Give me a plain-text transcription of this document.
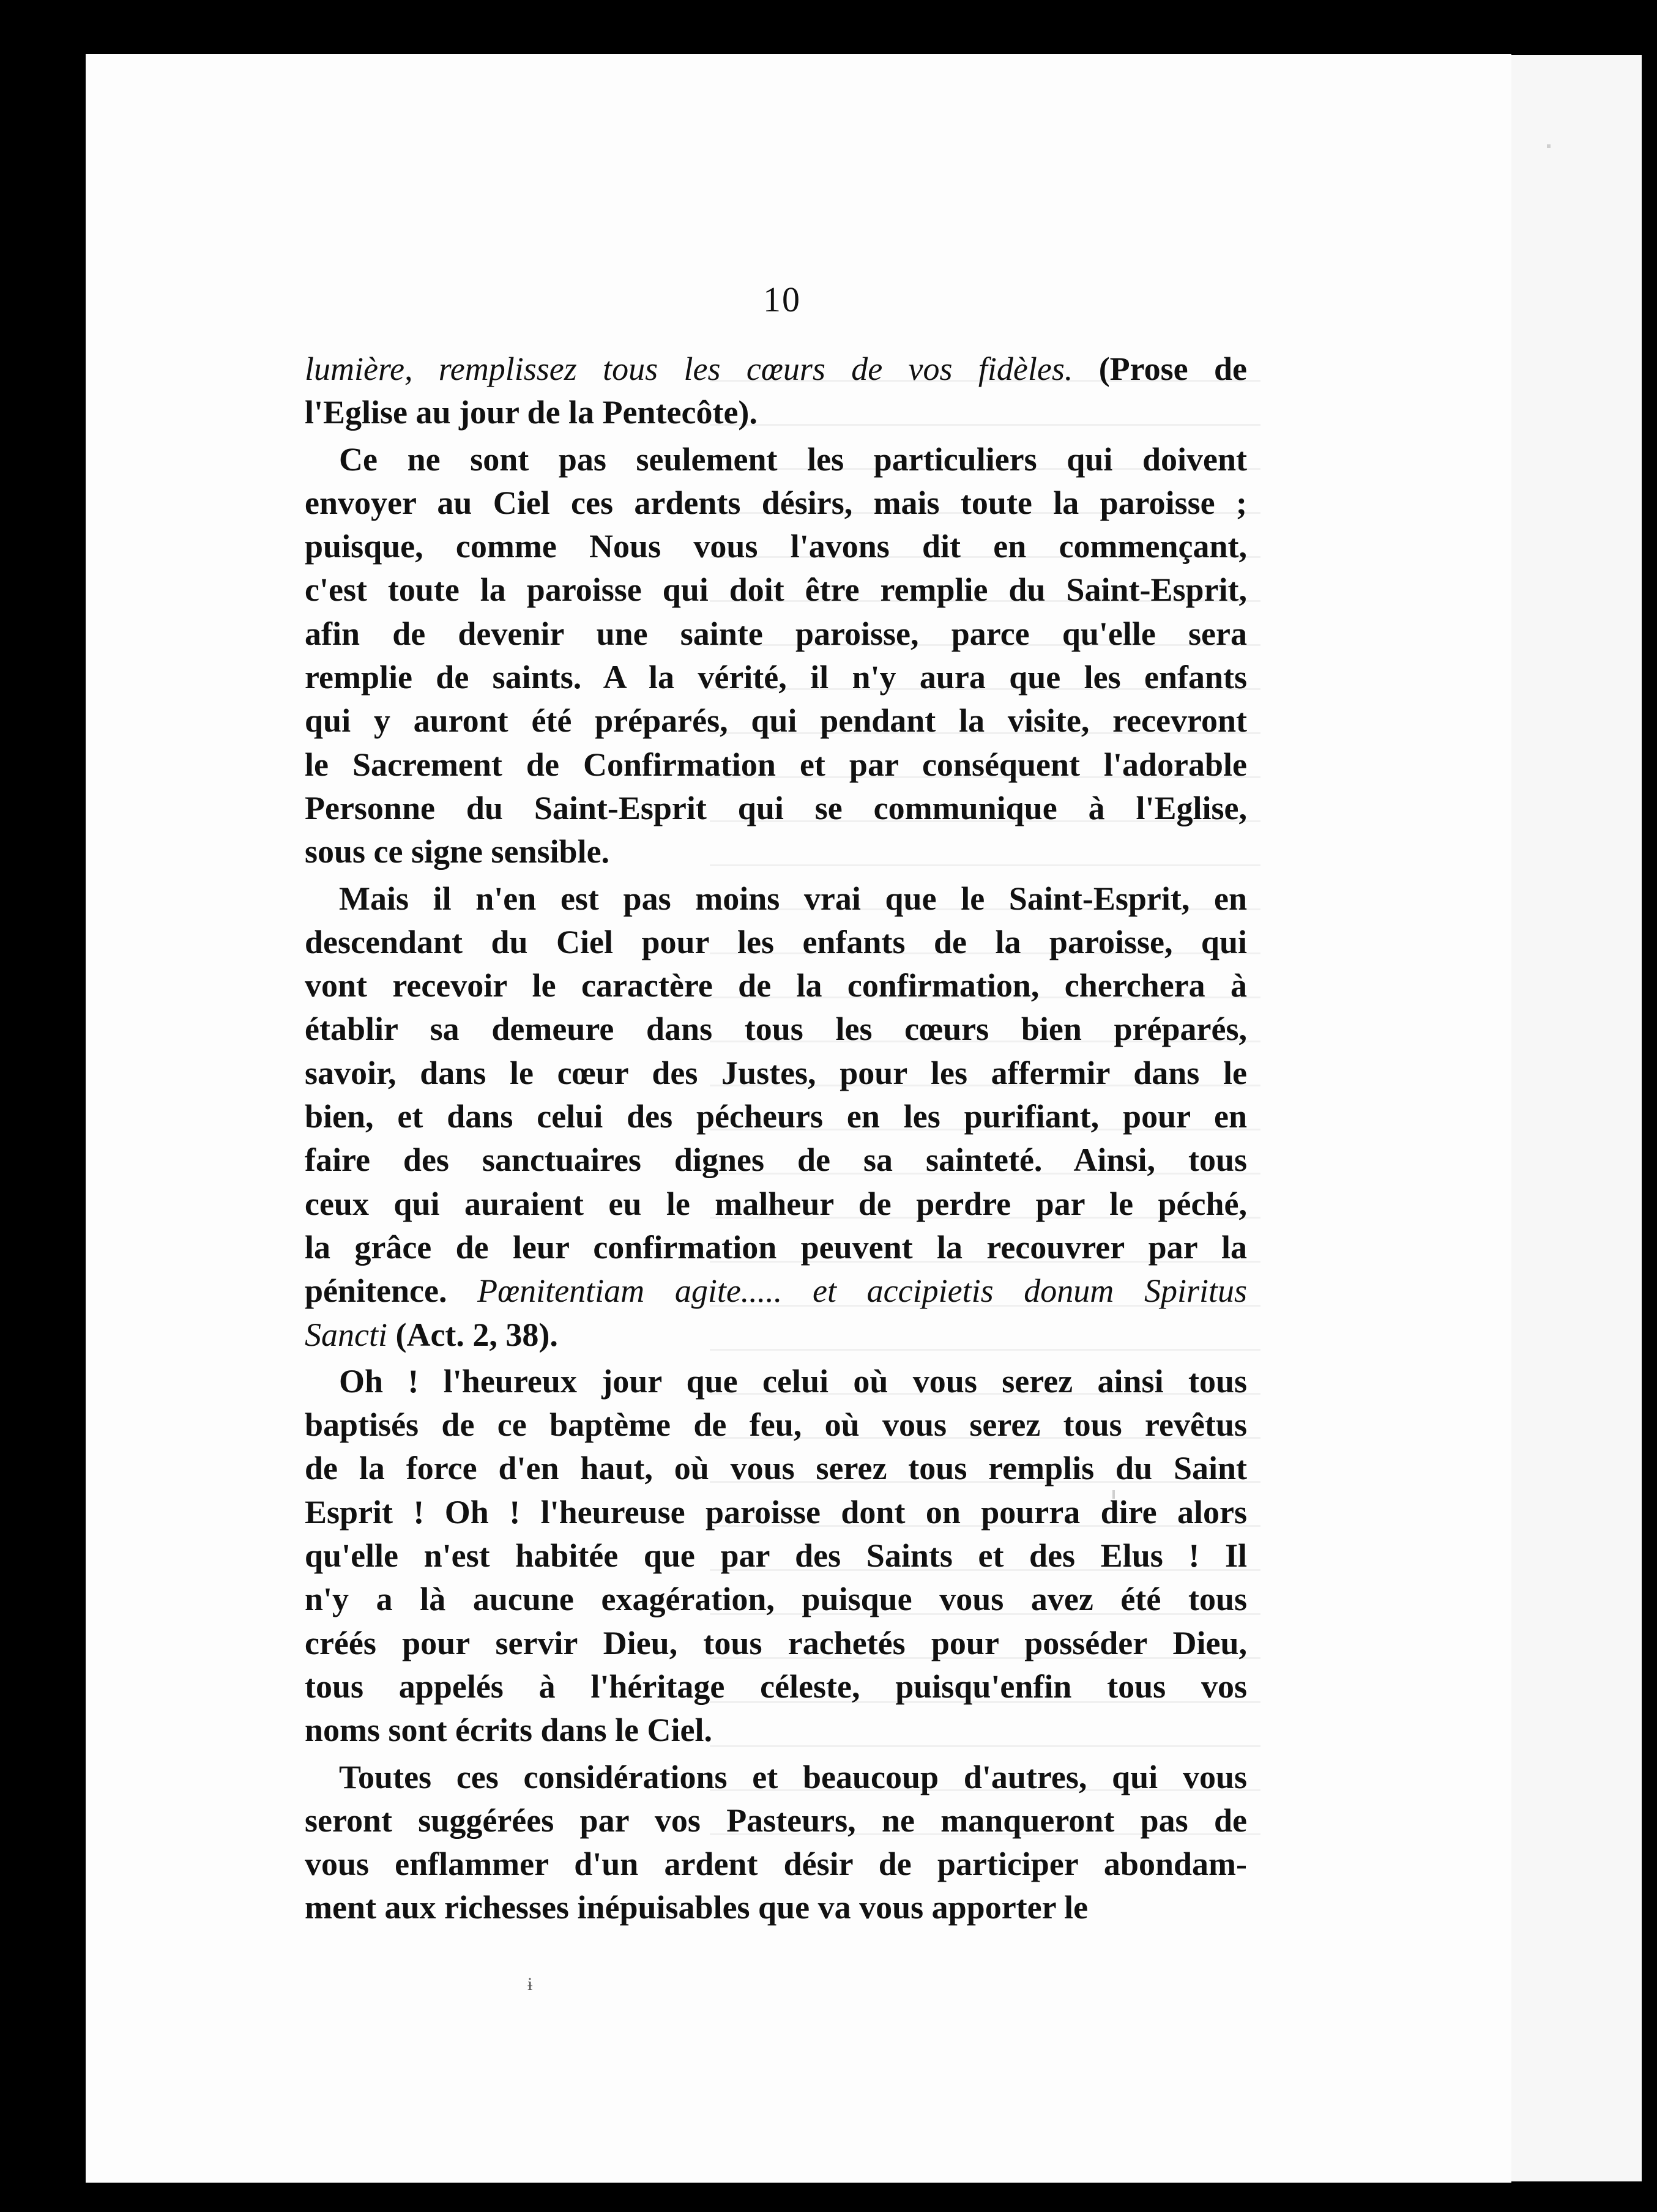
10
lumière, remplissez tous les cœurs de vos fidèles. (Prose de
l'Eglise au jour de la Pentecôte).
Ce ne sont pas seulement les particuliers qui doivent
envoyer au Ciel ces ardents désirs, mais toute la paroisse ;
puisque, comme Nous vous l'avons dit en commençant,
c'est toute la paroisse qui doit être remplie du Saint-Esprit,
afin de devenir une sainte paroisse, parce qu'elle sera
remplie de saints. A la vérité, il n'y aura que les enfants
qui y auront été préparés, qui pendant la visite, recevront
le Sacrement de Confirmation et par conséquent l'adorable
Personne du Saint-Esprit qui se communique à l'Eglise,
sous ce signe sensible.
Mais il n'en est pas moins vrai que le Saint-Esprit, en
descendant du Ciel pour les enfants de la paroisse, qui
vont recevoir le caractère de la confirmation, cherchera à
établir sa demeure dans tous les cœurs bien préparés,
savoir, dans le cœur des Justes, pour les affermir dans le
bien, et dans celui des pécheurs en les purifiant, pour en
faire des sanctuaires dignes de sa sainteté. Ainsi, tous
ceux qui auraient eu le malheur de perdre par le péché,
la grâce de leur confirmation peuvent la recouvrer par la
pénitence. Pœnitentiam agite..... et accipietis donum Spiritus
Sancti (Act. 2, 38).
Oh ! l'heureux jour que celui où vous serez ainsi tous
baptisés de ce baptème de feu, où vous serez tous revêtus
de la force d'en haut, où vous serez tous remplis du Saint
Esprit ! Oh ! l'heureuse paroisse dont on pourra dire alors
qu'elle n'est habitée que par des Saints et des Elus ! Il
n'y a là aucune exagération, puisque vous avez été tous
créés pour servir Dieu, tous rachetés pour posséder Dieu,
tous appelés à l'héritage céleste, puisqu'enfin tous vos
noms sont écrits dans le Ciel.
Toutes ces considérations et beaucoup d'autres, qui vous
seront suggérées par vos Pasteurs, ne manqueront pas de
vous enflammer d'un ardent désir de participer abondam-
ment aux richesses inépuisables que va vous apporter le
ɨ
